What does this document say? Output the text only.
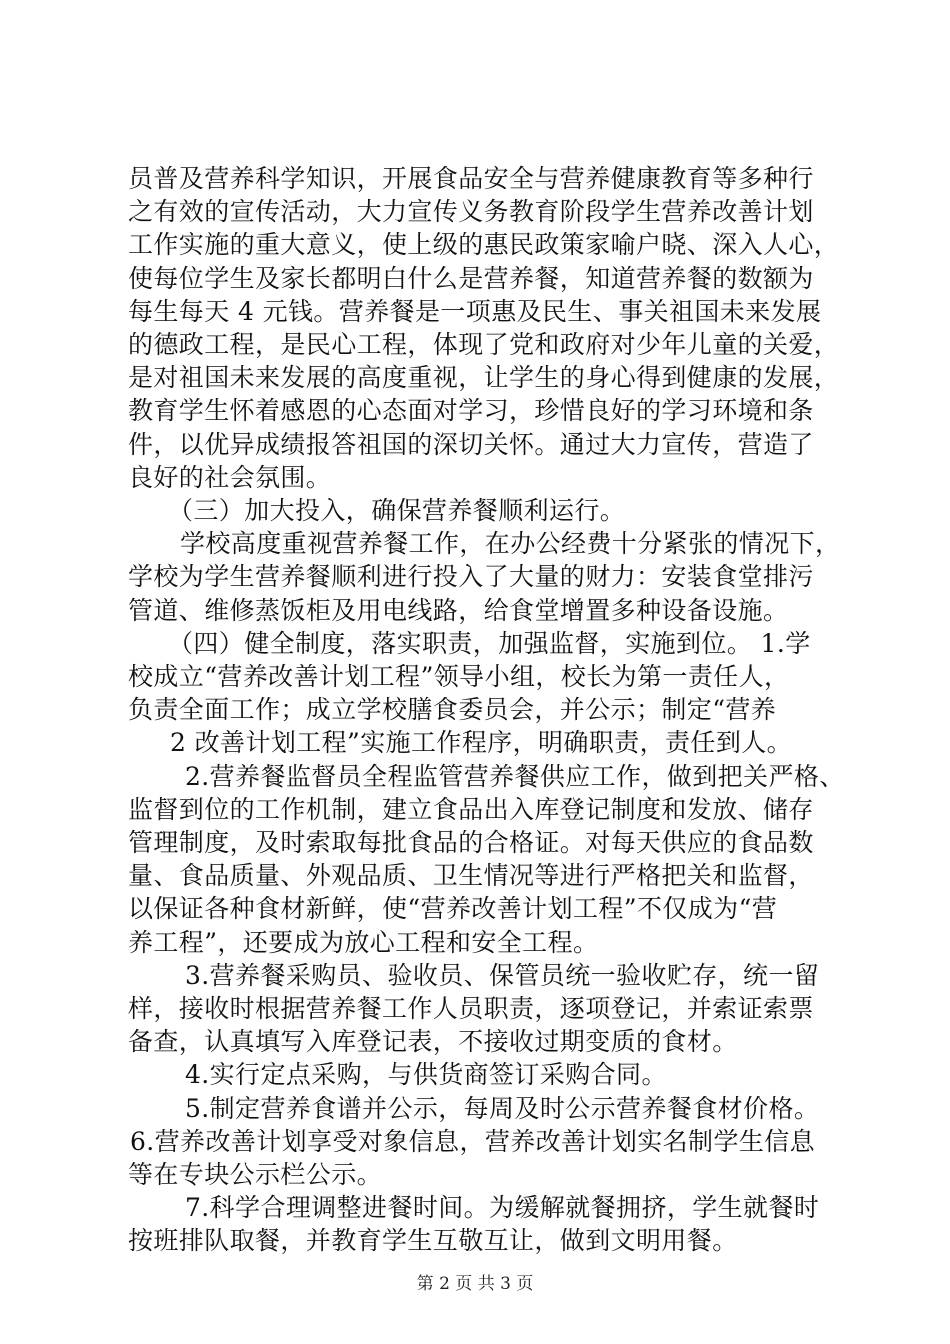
员普及营养科学知识，开展食品安全与营养健康教育等多种行
之有效的宣传活动，大力宣传义务教育阶段学生营养改善计划
工作实施的重大意义，使上级的惠民政策家喻户晓、深入人心，
使每位学生及家长都明白什么是营养餐，知道营养餐的数额为
每生每天 4 元钱。营养餐是一项惠及民生、事关祖国未来发展
的德政工程，是民心工程，体现了党和政府对少年儿童的关爱，
是对祖国未来发展的高度重视，让学生的身心得到健康的发展，
教育学生怀着感恩的心态面对学习，珍惜良好的学习环境和条
件，以优异成绩报答祖国的深切关怀。通过大力宣传，营造了
良好的社会氛围。
（三）加大投入，确保营养餐顺利运行。
学校高度重视营养餐工作，在办公经费十分紧张的情况下，
学校为学生营养餐顺利进行投入了大量的财力：安装食堂排污
管道、维修蒸饭柜及用电线路，给食堂增置多种设备设施。
（四）健全制度，落实职责，加强监督，实施到位。 1.学
校成立“营养改善计划工程”领导小组，校长为第一责任人，
负责全面工作；成立学校膳食委员会，并公示；制定“营养
2 改善计划工程”实施工作程序，明确职责，责任到人。
2.营养餐监督员全程监管营养餐供应工作，做到把关严格、
监督到位的工作机制，建立食品出入库登记制度和发放、储存
管理制度，及时索取每批食品的合格证。对每天供应的食品数
量、食品质量、外观品质、卫生情况等进行严格把关和监督，
以保证各种食材新鲜，使“营养改善计划工程”不仅成为“营
养工程”，还要成为放心工程和安全工程。
3.营养餐采购员、验收员、保管员统一验收贮存，统一留
样，接收时根据营养餐工作人员职责，逐项登记，并索证索票
备查，认真填写入库登记表，不接收过期变质的食材。
4.实行定点采购，与供货商签订采购合同。
5.制定营养食谱并公示，每周及时公示营养餐食材价格。
6.营养改善计划享受对象信息，营养改善计划实名制学生信息
等在专块公示栏公示。
7.科学合理调整进餐时间。为缓解就餐拥挤，学生就餐时
按班排队取餐，并教育学生互敬互让，做到文明用餐。
第 2 页 共 3 页
